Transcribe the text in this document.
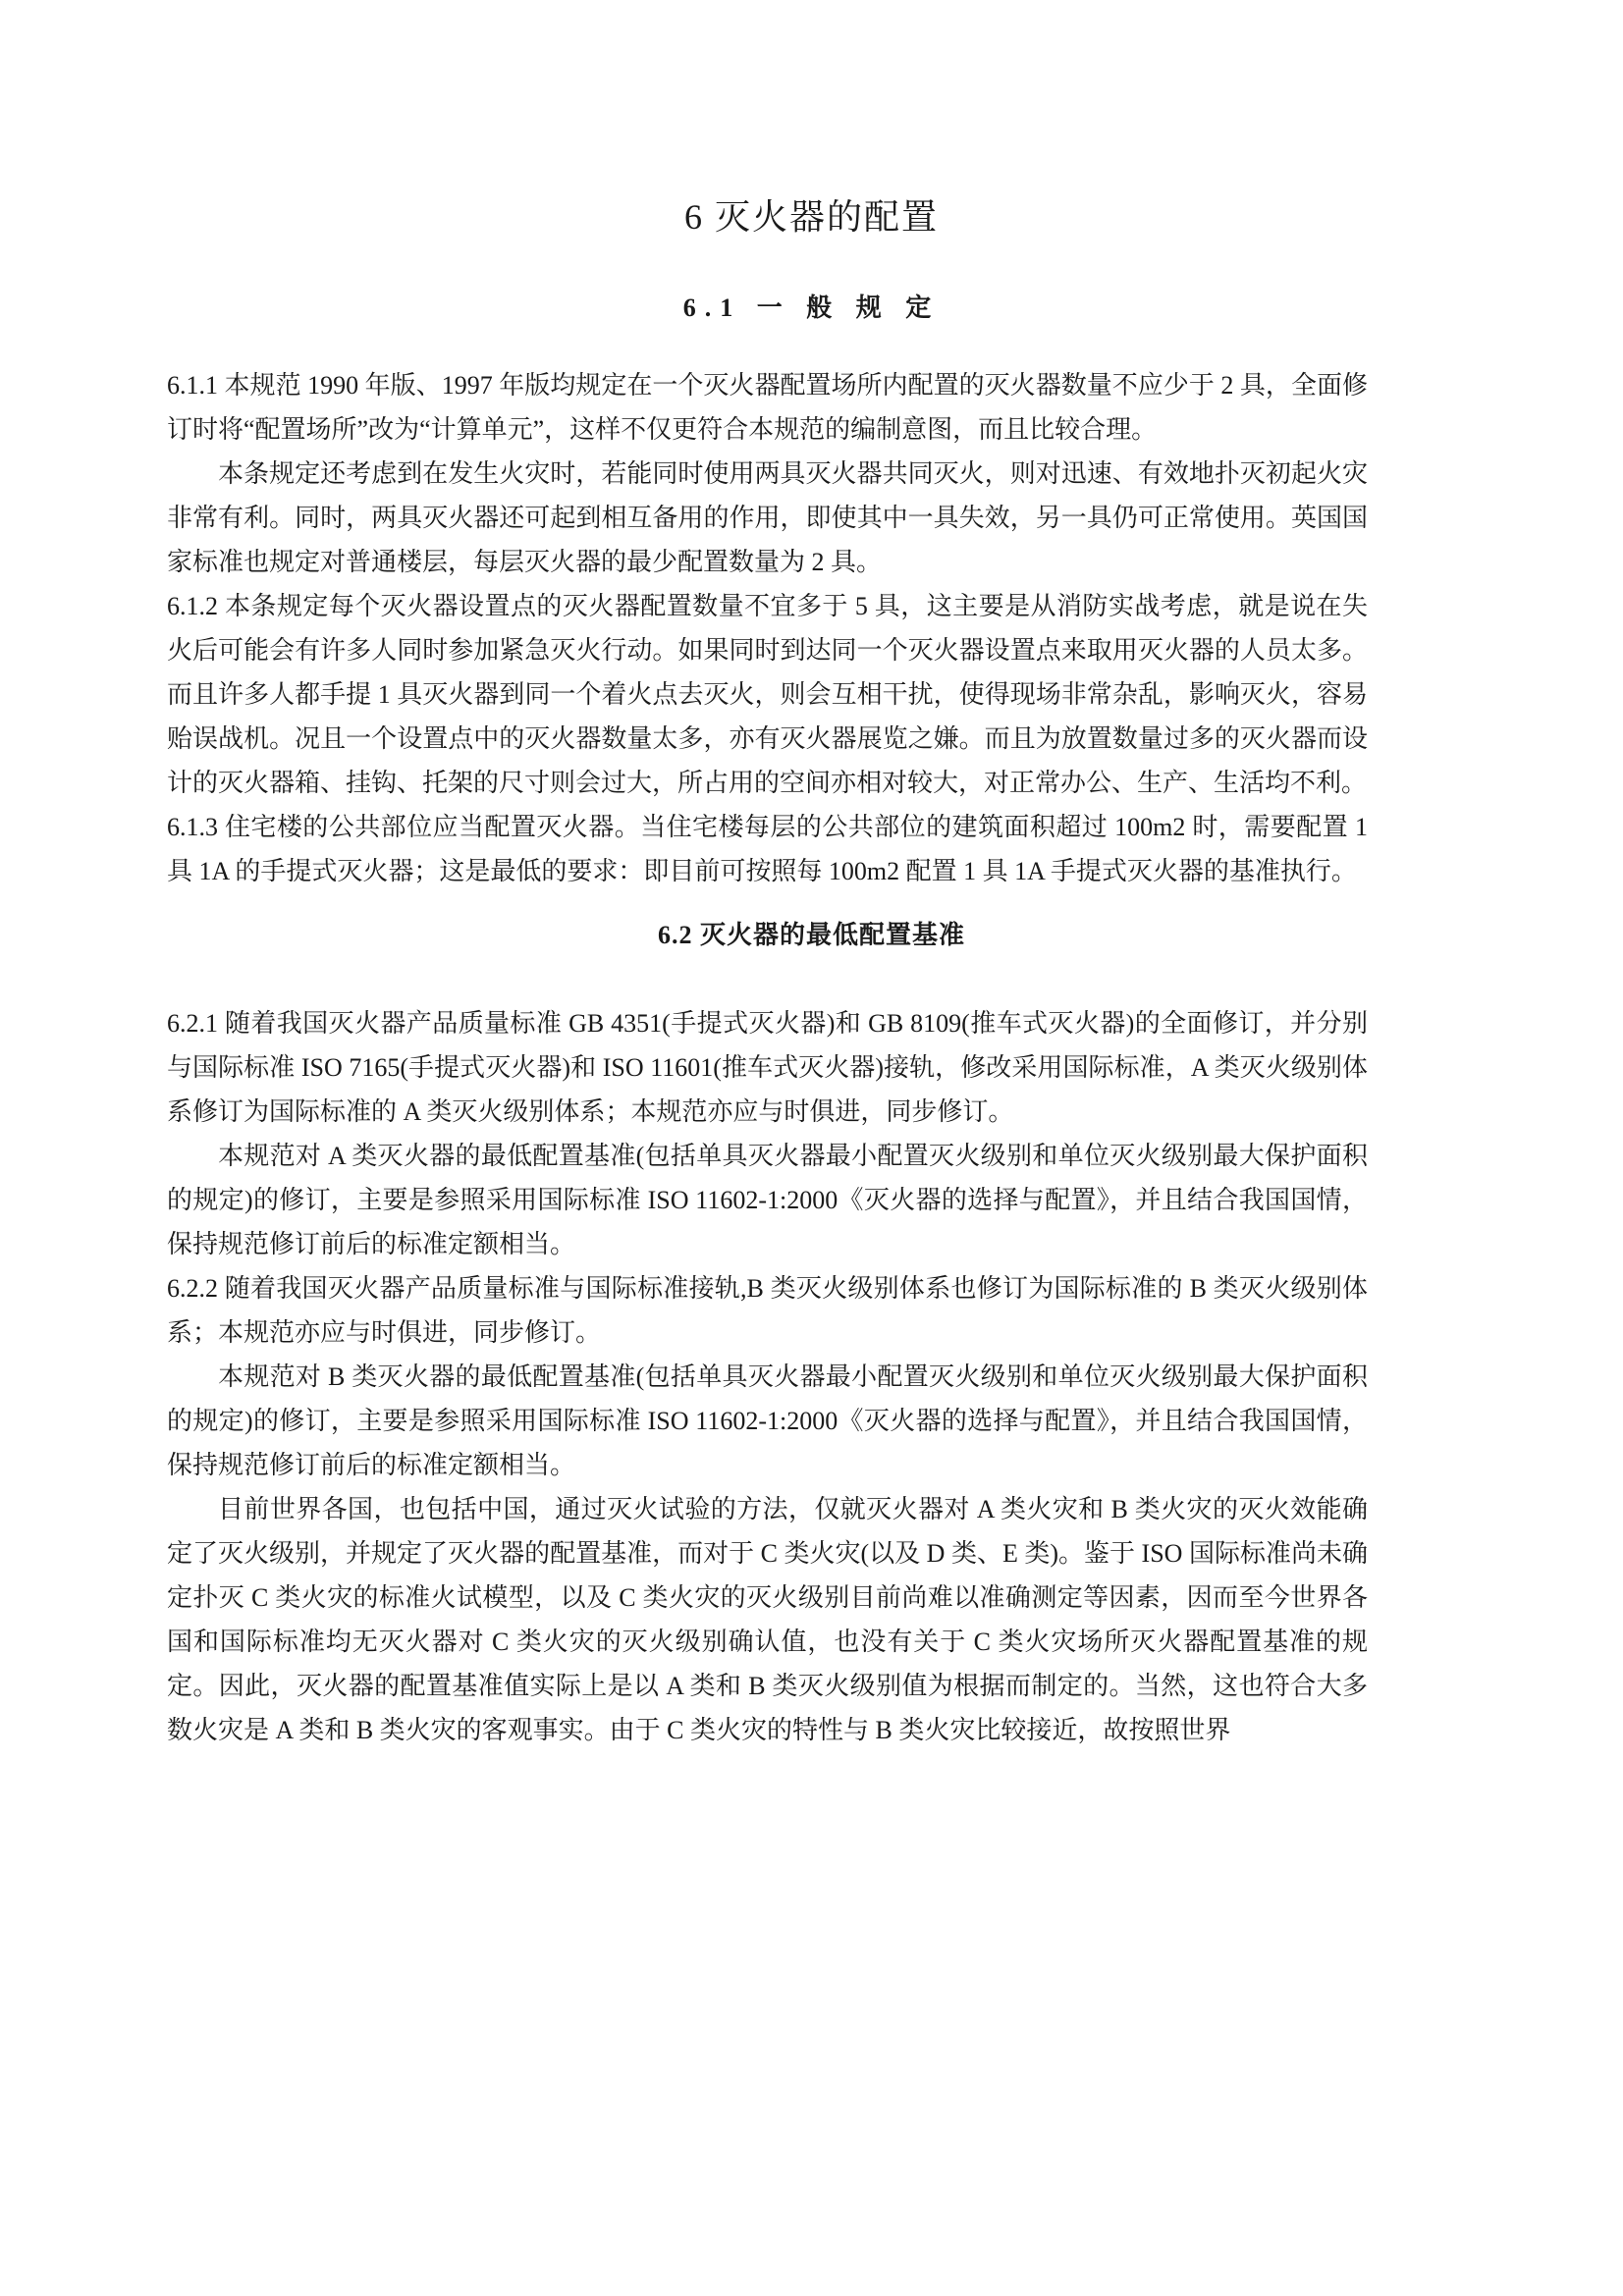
6 灭火器的配置
6.1 一 般 规 定

6.1.1 本规范 1990 年版、1997 年版均规定在一个灭火器配置场所内配置的灭火器数量不应少于 2 具，全面修订时将“配置场所”改为“计算单元”，这样不仅更符合本规范的编制意图，而且比较合理。

本条规定还考虑到在发生火灾时，若能同时使用两具灭火器共同灭火，则对迅速、有效地扑灭初起火灾非常有利。同时，两具灭火器还可起到相互备用的作用，即使其中一具失效，另一具仍可正常使用。英国国家标准也规定对普通楼层，每层灭火器的最少配置数量为 2 具。

6.1.2 本条规定每个灭火器设置点的灭火器配置数量不宜多于 5 具，这主要是从消防实战考虑，就是说在失火后可能会有许多人同时参加紧急灭火行动。如果同时到达同一个灭火器设置点来取用灭火器的人员太多。而且许多人都手提 1 具灭火器到同一个着火点去灭火，则会互相干扰，使得现场非常杂乱，影响灭火，容易贻误战机。况且一个设置点中的灭火器数量太多，亦有灭火器展览之嫌。而且为放置数量过多的灭火器而设计的灭火器箱、挂钩、托架的尺寸则会过大，所占用的空间亦相对较大，对正常办公、生产、生活均不利。

6.1.3 住宅楼的公共部位应当配置灭火器。当住宅楼每层的公共部位的建筑面积超过 100m2 时，需要配置 1 具 1A 的手提式灭火器；这是最低的要求：即目前可按照每 100m2 配置 1 具 1A 手提式灭火器的基准执行。

6.2 灭火器的最低配置基准

6.2.1 随着我国灭火器产品质量标准 GB 4351(手提式灭火器)和 GB 8109(推车式灭火器)的全面修订，并分别与国际标准 ISO 7165(手提式灭火器)和 ISO 11601(推车式灭火器)接轨，修改采用国际标准，A 类灭火级别体系修订为国际标准的 A 类灭火级别体系；本规范亦应与时俱进，同步修订。

本规范对 A 类灭火器的最低配置基准(包括单具灭火器最小配置灭火级别和单位灭火级别最大保护面积的规定)的修订，主要是参照采用国际标准 ISO 11602-1:2000《灭火器的选择与配置》，并且结合我国国情，保持规范修订前后的标准定额相当。

6.2.2 随着我国灭火器产品质量标准与国际标准接轨,B 类灭火级别体系也修订为国际标准的 B 类灭火级别体系；本规范亦应与时俱进，同步修订。

本规范对 B 类灭火器的最低配置基准(包括单具灭火器最小配置灭火级别和单位灭火级别最大保护面积的规定)的修订，主要是参照采用国际标准 ISO 11602-1:2000《灭火器的选择与配置》，并且结合我国国情，保持规范修订前后的标准定额相当。

目前世界各国，也包括中国，通过灭火试验的方法，仅就灭火器对 A 类火灾和 B 类火灾的灭火效能确定了灭火级别，并规定了灭火器的配置基准，而对于 C 类火灾(以及 D 类、E 类)。鉴于 ISO 国际标准尚未确定扑灭 C 类火灾的标准火试模型，以及 C 类火灾的灭火级别目前尚难以准确测定等因素，因而至今世界各国和国际标准均无灭火器对 C 类火灾的灭火级别确认值，也没有关于 C 类火灾场所灭火器配置基准的规定。因此，灭火器的配置基准值实际上是以 A 类和 B 类灭火级别值为根据而制定的。当然，这也符合大多数火灾是 A 类和 B 类火灾的客观事实。由于 C 类火灾的特性与 B 类火灾比较接近，故按照世界
